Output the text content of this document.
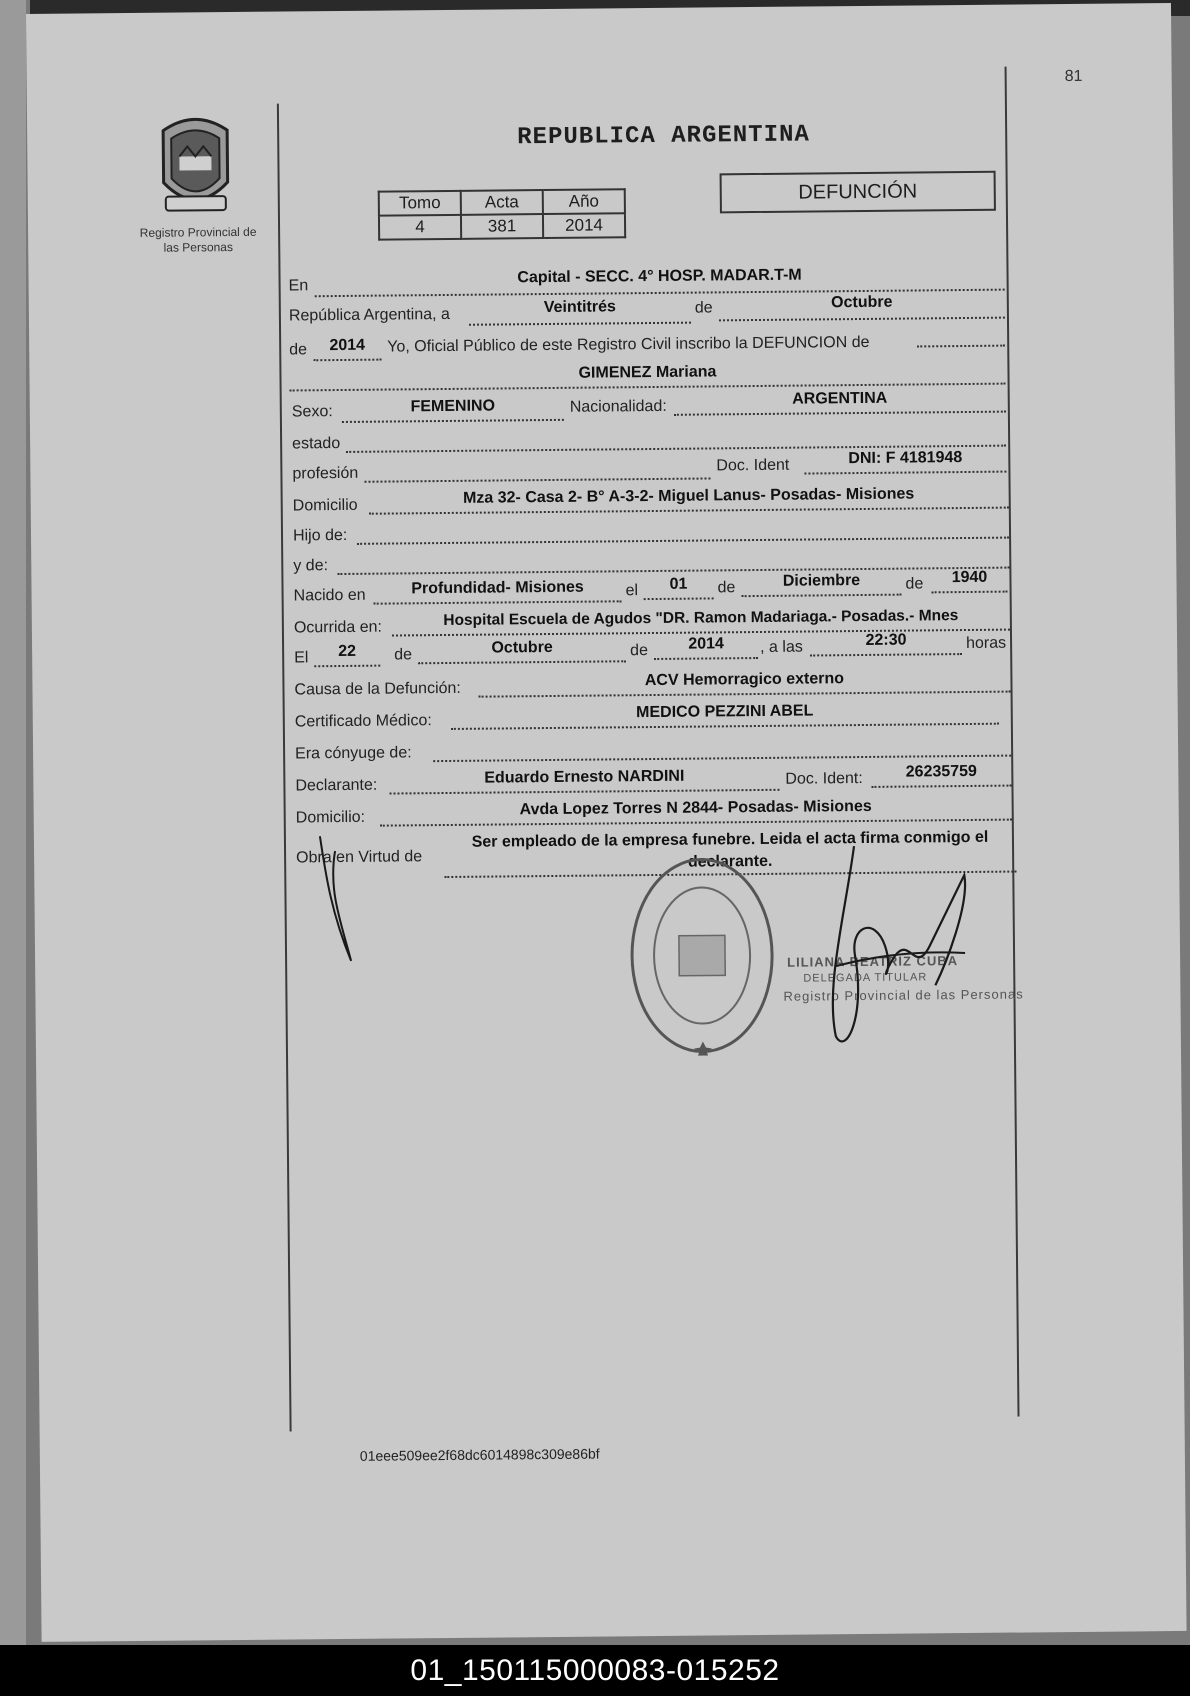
81
Registro Provincial de
las Personas
REPUBLICA ARGENTINA
Tomo	Acta	Año
4	381	2014
DEFUNCIÓN
En	Capital - SECC. 4° HOSP. MADAR.T-M
República Argentina, a	Veintitrés	de	Octubre
de	2014	Yo, Oficial Público de este Registro Civil inscribo la DEFUNCION de
GIMENEZ Mariana
Sexo:	FEMENINO	Nacionalidad:	ARGENTINA
estado
profesión	Doc. Ident	DNI: F 4181948
Domicilio	Mza 32- Casa 2- B° A-3-2- Miguel Lanus- Posadas- Misiones
Hijo de:
y de:
Nacido en	Profundidad- Misiones	el	01	de	Diciembre	de	1940
Ocurrida en:	Hospital Escuela de Agudos "DR. Ramon Madariaga.- Posadas.- Mnes
El	22	de	Octubre	de	2014	, a las	22:30	horas
Causa de la Defunción:
ACV Hemorragico externo
Certificado Médico:
MEDICO PEZZINI ABEL
Era cónyuge de:
Declarante:	Eduardo Ernesto NARDINI	Doc. Ident:	26235759
Domicilio:	Avda Lopez Torres N 2844- Posadas- Misiones
Obra en Virtud de
Ser empleado de la empresa funebre. Leida el acta firma conmigo el
declarante.
LILIANA BEATRIZ CUBA
DELEGADA TITULAR
Registro Provincial de las Personas
01eee509ee2f68dc6014898c309e86bf
01_150115000083-015252
